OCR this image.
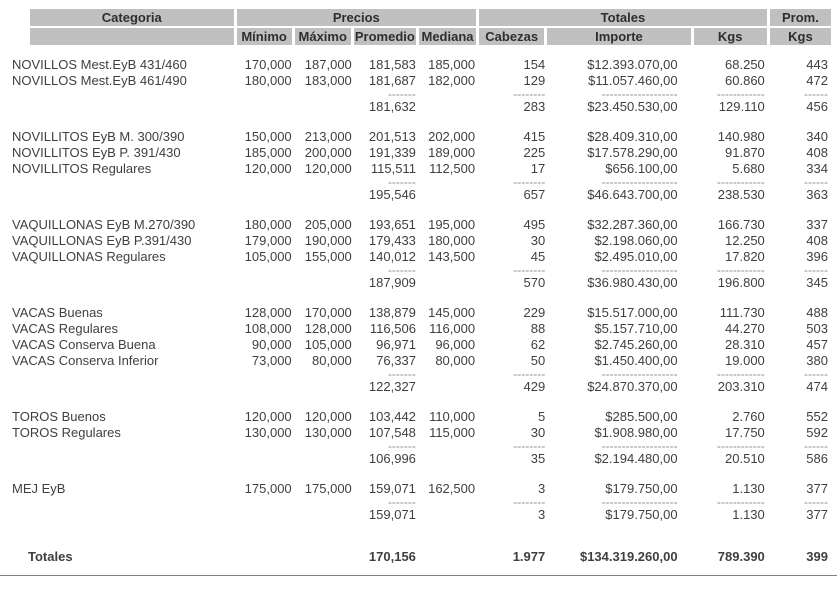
Categoria	Precios				Totales			Prom.

	Mínimo	Máximo	Promedio	Mediana	Cabezas	Importe	Kgs	Kgs

NOVILLOS Mest.EyB 431/460	170,000	187,000	181,583	185,000	154	$12.393.070,00	68.250	443
NOVILLOS Mest.EyB 461/490	180,000	183,000	181,687	182,000	129	$11.057.460,00	60.860	472
			-------		--------	-------------------	------------	------
			181,632		283	$23.450.530,00	129.110	456

NOVILLITOS EyB M. 300/390	150,000	213,000	201,513	202,000	415	$28.409.310,00	140.980	340
NOVILLITOS EyB P. 391/430	185,000	200,000	191,339	189,000	225	$17.578.290,00	91.870	408
NOVILLITOS Regulares	120,000	120,000	115,511	112,500	17	$656.100,00	5.680	334
			-------		--------	-------------------	------------	------
			195,546		657	$46.643.700,00	238.530	363

VAQUILLONAS EyB M.270/390	180,000	205,000	193,651	195,000	495	$32.287.360,00	166.730	337
VAQUILLONAS EyB P.391/430	179,000	190,000	179,433	180,000	30	$2.198.060,00	12.250	408
VAQUILLONAS Regulares	105,000	155,000	140,012	143,500	45	$2.495.010,00	17.820	396
			-------		--------	-------------------	------------	------
			187,909		570	$36.980.430,00	196.800	345

VACAS Buenas	128,000	170,000	138,879	145,000	229	$15.517.000,00	111.730	488
VACAS Regulares	108,000	128,000	116,506	116,000	88	$5.157.710,00	44.270	503
VACAS Conserva Buena	90,000	105,000	96,971	96,000	62	$2.745.260,00	28.310	457
VACAS Conserva Inferior	73,000	80,000	76,337	80,000	50	$1.450.400,00	19.000	380
			-------		--------	-------------------	------------	------
			122,327		429	$24.870.370,00	203.310	474

TOROS Buenos	120,000	120,000	103,442	110,000	5	$285.500,00	2.760	552
TOROS Regulares	130,000	130,000	107,548	115,000	30	$1.908.980,00	17.750	592
			-------		--------	-------------------	------------	------
			106,996		35	$2.194.480,00	20.510	586

MEJ EyB	175,000	175,000	159,071	162,500	3	$179.750,00	1.130	377
			-------		--------	-------------------	------------	------
			159,071		3	$179.750,00	1.130	377

Totales			170,156		1.977	$134.319.260,00	789.390	399
